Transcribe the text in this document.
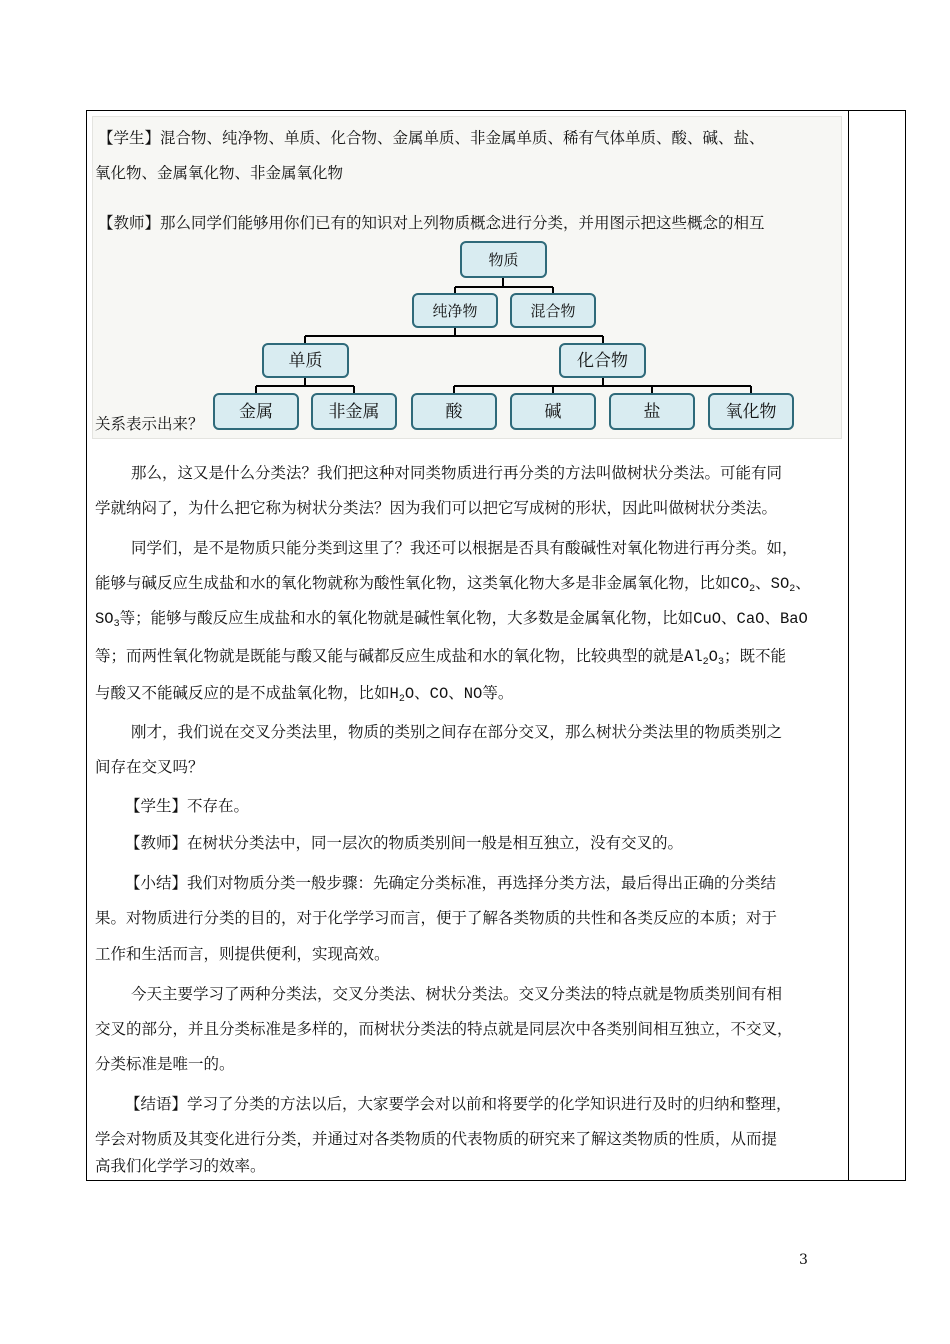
【学生】混合物、纯净物、单质、化合物、金属单质、非金属单质、稀有气体单质、酸、碱、盐、
氧化物、金属氧化物、非金属氧化物
【教师】那么同学们能够用你们已有的知识对上列物质概念进行分类，并用图示把这些概念的相互
物质
纯净物	混合物
单质	化合物
金属	非金属	酸	碱	盐	氧化物
关系表示出来？
那么，这又是什么分类法？我们把这种对同类物质进行再分类的方法叫做树状分类法。可能有同
学就纳闷了，为什么把它称为树状分类法？因为我们可以把它写成树的形状，因此叫做树状分类法。
同学们，是不是物质只能分类到这里了？我还可以根据是否具有酸碱性对氧化物进行再分类。如，
能够与碱反应生成盐和水的氧化物就称为酸性氧化物，这类氧化物大多是非金属氧化物，比如$CO_2$、$SO_2$、
$SO_3$等；能够与酸反应生成盐和水的氧化物就是碱性氧化物，大多数是金属氧化物，比如CuO、CaO、BaO
等；而两性氧化物就是既能与酸又能与碱都反应生成盐和水的氧化物，比较典型的就是$Al_2O_3$；既不能
与酸又不能碱反应的是不成盐氧化物，比如$H_2O$、CO、NO等。
刚才，我们说在交叉分类法里，物质的类别之间存在部分交叉，那么树状分类法里的物质类别之
间存在交叉吗？
【学生】不存在。
【教师】在树状分类法中，同一层次的物质类别间一般是相互独立，没有交叉的。
【小结】我们对物质分类一般步骤：先确定分类标准，再选择分类方法，最后得出正确的分类结
果。对物质进行分类的目的，对于化学学习而言，便于了解各类物质的共性和各类反应的本质；对于
工作和生活而言，则提供便利，实现高效。
今天主要学习了两种分类法，交叉分类法、树状分类法。交叉分类法的特点就是物质类别间有相
交叉的部分，并且分类标准是多样的，而树状分类法的特点就是同层次中各类别间相互独立，不交叉，
分类标准是唯一的。
【结语】学习了分类的方法以后，大家要学会对以前和将要学的化学知识进行及时的归纳和整理，
学会对物质及其变化进行分类，并通过对各类物质的代表物质的研究来了解这类物质的性质，从而提
高我们化学学习的效率。
3
